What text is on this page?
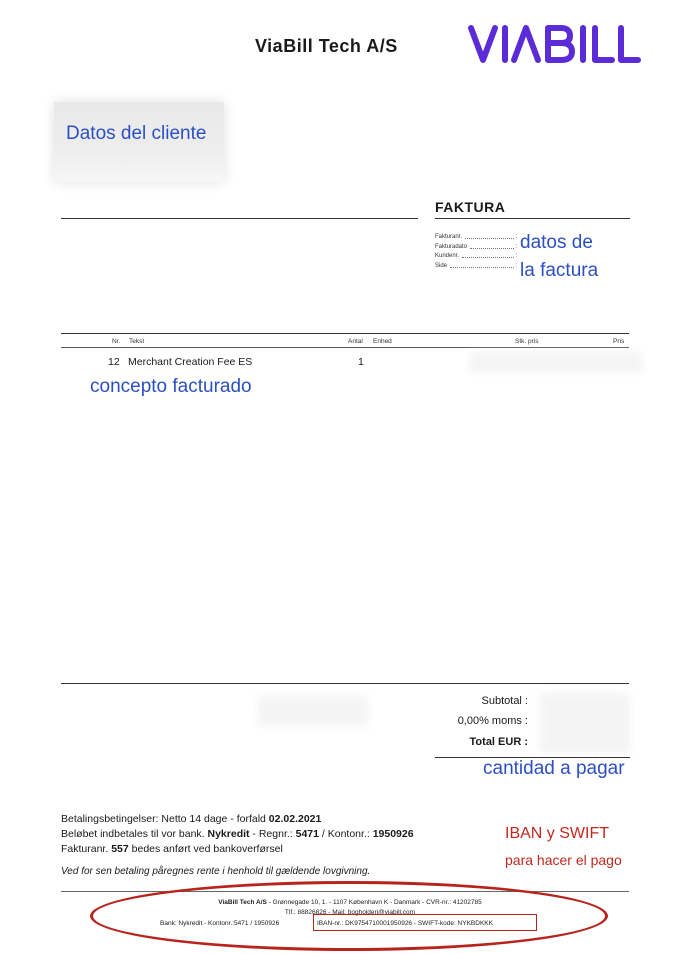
ViaBill Tech A/S
Datos del cliente
FAKTURA
Fakturanr.	:
Fakturadato	:
Kundenr.	:
Side	:
datos de
la factura
Nr. Tekst	Antal Enhed	Stk. pris	Pris
12 Merchant Creation Fee ES	1
concepto facturado
Subtotal :
0,00% moms :
Total EUR :
cantidad a pagar
Betalingsbetingelser: Netto 14 dage - forfald 02.02.2021
Beløbet indbetales til vor bank. Nykredit - Regnr.: 5471 / Kontonr.: 1950926
Fakturanr. 557 bedes anført ved bankoverførsel
Ved for sen betaling påregnes rente i henhold til gældende lovgivning.
IBAN y SWIFT
para hacer el pago
ViaBill Tech A/S - Grønnegade 10, 1. - 1107 København K - Danmark - CVR-nr.: 41202785
Tlf.: 88826826 - Mail: bogholderi@viabill.com
Bank: Nykredit - Kontonr.:5471 / 1950926	IBAN-nr.: DK9754710001950926 - SWIFT-kode: NYKBDKKK
